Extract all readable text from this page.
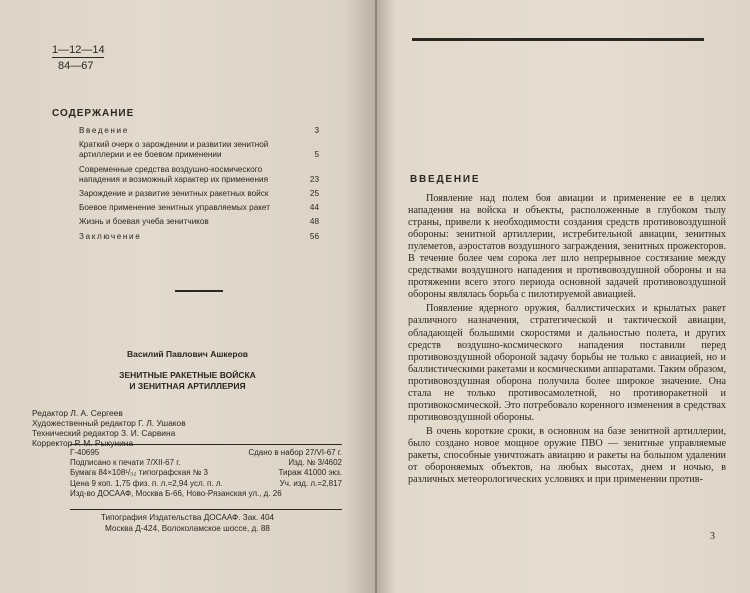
1—12—14
84—67
СОДЕРЖАНИЕ
Введение	3
Краткий очерк о зарождении и развитии зенитной артиллерии и ее боевом применении	5
Современные средства воздушно-космического нападения и возможный характер их применения	23
Зарождение и развитие зенитных ракетных войск	25
Боевое применение зенитных управляемых ракет	44
Жизнь и боевая учеба зенитчиков	48
Заключение	56
Василий Павлович Ашкеров
ЗЕНИТНЫЕ РАКЕТНЫЕ ВОЙСКА
И ЗЕНИТНАЯ АРТИЛЛЕРИЯ
Редактор Л. А. Сергеев
Художественный редактор Г. Л. Ушаков
Технический редактор З. И. Сарвина
Корректор Р. М. Рыкунина
Г-40695	Сдано в набор 27/VI-67 г.
Подписано к печати 7/XII-67 г.	Изд. № 3/4602
Бумага 84×108¹/₃₂ типографская № 3	Тираж 41000 экз.
Цена 9 коп. 1,75 физ. п. л.=2,94 усл. п. л.	Уч. изд. л.=2,817
Изд-во ДОСААФ, Москва Б-66, Ново-Рязанская ул., д. 26
Типография Издательства ДОСААФ. Зак. 404
Москва Д-424, Волоколамское шоссе, д. 88
ВВЕДЕНИЕ

Появление над полем боя авиации и применение ее в целях нападения на войска и объекты, расположенные в глубоком тылу страны, привели к необходимости создания средств противовоздушной обороны: зенитной артиллерии, истребительной авиации, зенитных пулеметов, аэростатов воздушного заграждения, зенитных прожекторов. В течение более чем сорока лет шло непрерывное состязание между средствами воздушного нападения и противовоздушной обороны и на протяжении всего этого периода основной задачей противовоздушной обороны являлась борьба с пилотируемой авиацией.

Появление ядерного оружия, баллистических и крылатых ракет различного назначения, стратегической и тактической авиации, обладающей большими скоростями и дальностью полета, и других средств воздушно-космического нападения поставили перед противовоздушной обороной задачу борьбы не только с авиацией, но и баллистическими ракетами и космическими аппаратами. Таким образом, противовоздушная оборона получила более широкое значение. Она стала не только противосамолетной, но противоракетной и противокосмической. Это потребовало коренного изменения в средствах противовоздушной обороны.

В очень короткие сроки, в основном на базе зенитной артиллерии, было создано новое мощное оружие ПВО — зенитные управляемые ракеты, способные уничтожать авиацию и ракеты на большом удалении от обороняемых объектов, на любых высотах, днем и ночью, в различных метеорологических условиях и при применении против-

3
